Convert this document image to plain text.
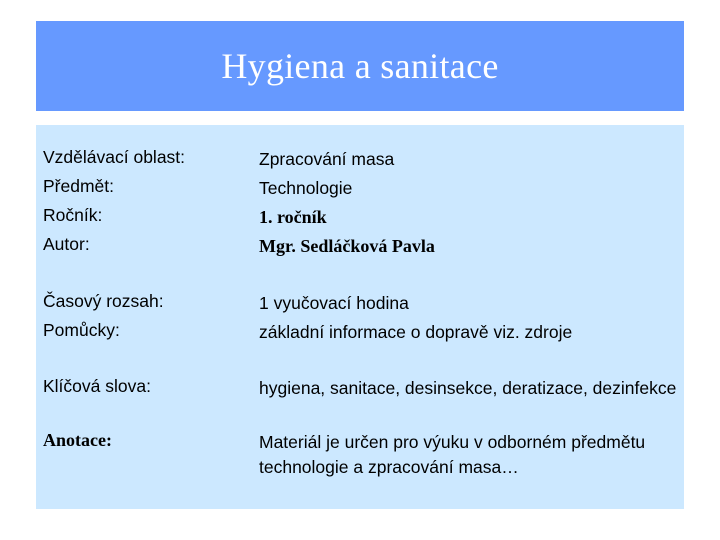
Hygiena a sanitace
Vzdělávací oblast:	Zpracování masa
Předmět:	Technologie
Ročník:	1. ročník
Autor:	Mgr. Sedláčková Pavla
Časový rozsah:	1 vyučovací hodina
Pomůcky:	základní informace o dopravě viz. zdroje
Klíčová slova:	hygiena, sanitace, desinsekce, deratizace, dezinfekce
Anotace:	Materiál je určen pro výuku v odborném předmětu technologie a zpracování masa…
